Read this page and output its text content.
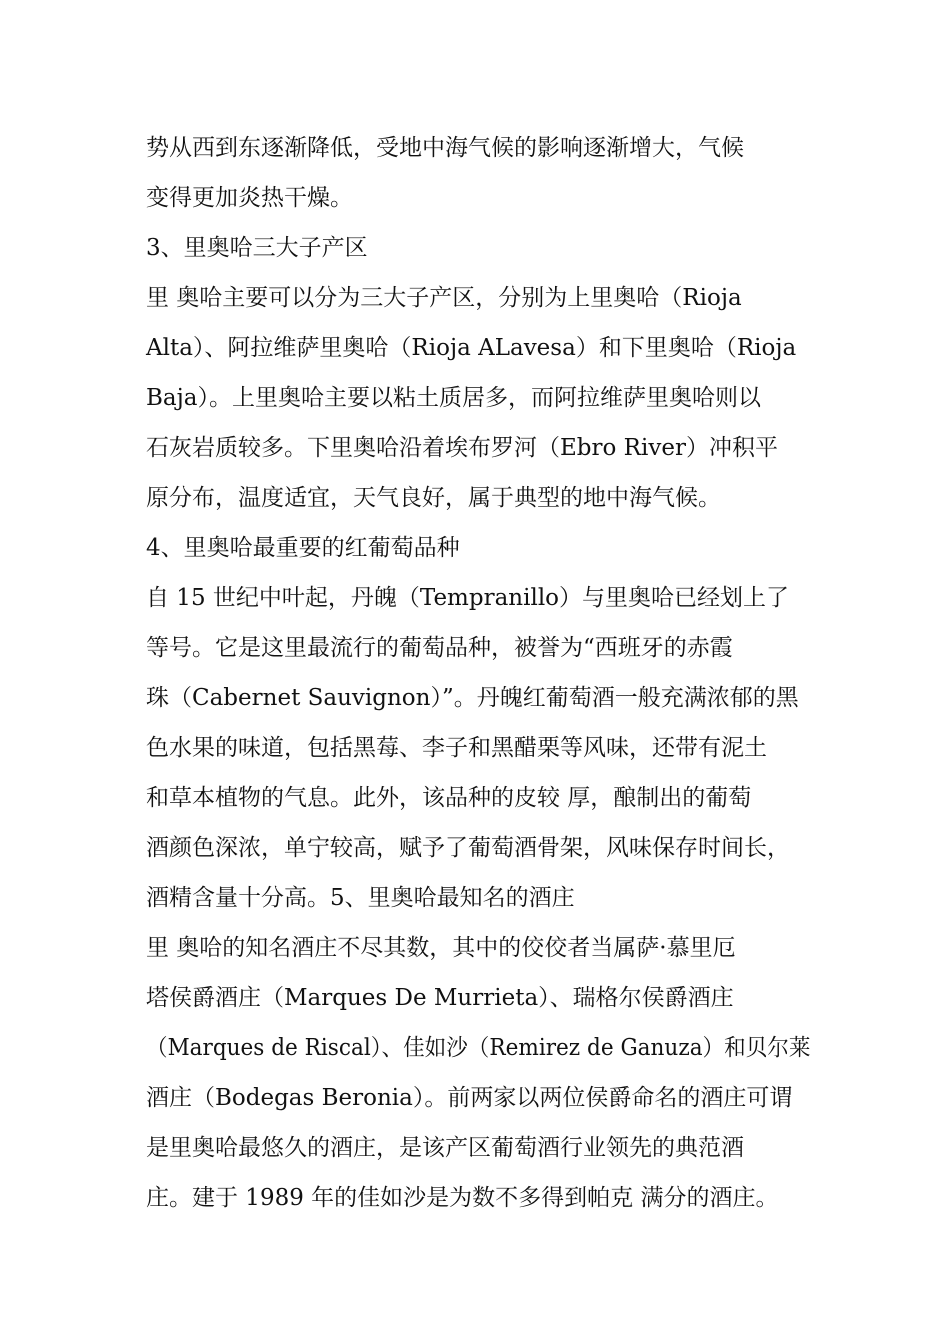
势从西到东逐渐降低，受地中海气候的影响逐渐增大，气候

变得更加炎热干燥。

3、里奥哈三大子产区

里 奥哈主要可以分为三大子产区，分别为上里奥哈（Rioja

Alta）、阿拉维萨里奥哈（Rioja ALavesa）和下里奥哈（Rioja

Baja）。上里奥哈主要以粘土质居多，而阿拉维萨里奥哈则以

石灰岩质较多。下里奥哈沿着埃布罗河（Ebro River）冲积平

原分布，温度适宜，天气良好，属于典型的地中海气候。

4、里奥哈最重要的红葡萄品种

自 15 世纪中叶起，丹魄（Tempranillo）与里奥哈已经划上了

等号。它是这里最流行的葡萄品种，被誉为“西班牙的赤霞

珠（Cabernet Sauvignon）”。丹魄红葡萄酒一般充满浓郁的黑

色水果的味道，包括黑莓、李子和黑醋栗等风味，还带有泥土

和草本植物的气息。此外，该品种的皮较 厚，酿制出的葡萄

酒颜色深浓，单宁较高，赋予了葡萄酒骨架，风味保存时间长，

酒精含量十分高。5、里奥哈最知名的酒庄

里 奥哈的知名酒庄不尽其数，其中的佼佼者当属萨·慕里厄

塔侯爵酒庄（Marques De Murrieta）、瑞格尔侯爵酒庄

（Marques de Riscal）、佳如沙（Remirez de Ganuza）和贝尔莱

酒庄（Bodegas Beronia）。前两家以两位侯爵命名的酒庄可谓

是里奥哈最悠久的酒庄，是该产区葡萄酒行业领先的典范酒

庄。建于 1989 年的佳如沙是为数不多得到帕克 满分的酒庄。
